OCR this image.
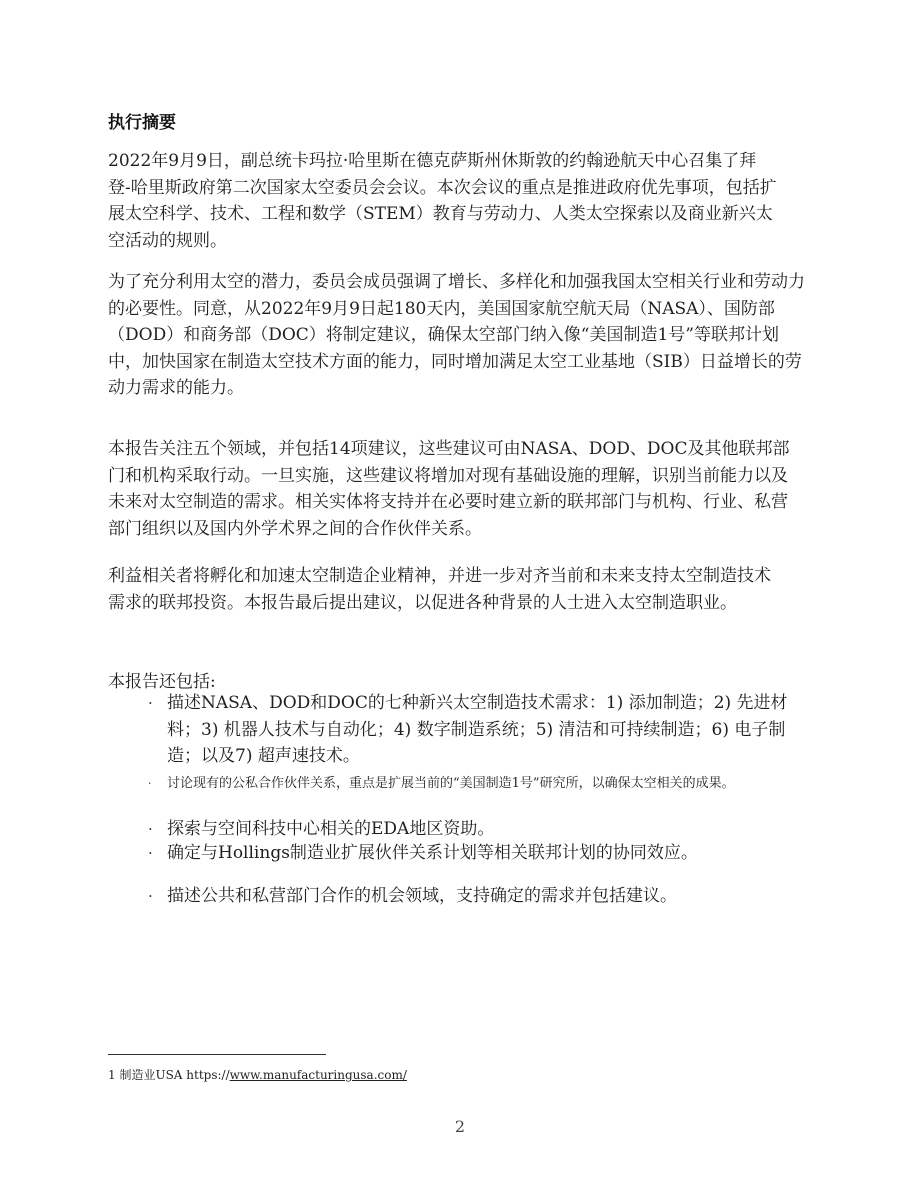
执行摘要

2022年9月9日，副总统卡玛拉·哈里斯在德克萨斯州休斯敦的约翰逊航天中心召集了拜登-哈里斯政府第二次国家太空委员会会议。本次会议的重点是推进政府优先事项，包括扩展太空科学、技术、工程和数学（STEM）教育与劳动力、人类太空探索以及商业新兴太空活动的规则。

为了充分利用太空的潜力，委员会成员强调了增长、多样化和加强我国太空相关行业和劳动力的必要性。同意，从2022年9月9日起180天内，美国国家航空航天局（NASA）、国防部（DOD）和商务部（DOC）将制定建议，确保太空部门纳入像“美国制造1号”等联邦计划中，加快国家在制造太空技术方面的能力，同时增加满足太空工业基地（SIB）日益增长的劳动力需求的能力。

本报告关注五个领域，并包括14项建议，这些建议可由NASA、DOD、DOC及其他联邦部门和机构采取行动。一旦实施，这些建议将增加对现有基础设施的理解，识别当前能力以及未来对太空制造的需求。相关实体将支持并在必要时建立新的联邦部门与机构、行业、私营部门组织以及国内外学术界之间的合作伙伴关系。

利益相关者将孵化和加速太空制造企业精神，并进一步对齐当前和未来支持太空制造技术需求的联邦投资。本报告最后提出建议，以促进各种背景的人士进入太空制造职业。

本报告还包括:
· 描述NASA、DOD和DOC的七种新兴太空制造技术需求：1) 添加制造；2) 先进材料；3) 机器人技术与自动化；4) 数字制造系统；5) 清洁和可持续制造；6) 电子制造；以及7) 超声速技术。
· 讨论现有的公私合作伙伴关系，重点是扩展当前的“美国制造1号”研究所，以确保太空相关的成果。
· 探索与空间科技中心相关的EDA地区资助。
· 确定与Hollings制造业扩展伙伴关系计划等相关联邦计划的协同效应。
· 描述公共和私营部门合作的机会领域，支持确定的需求并包括建议。
1 制造业USA https://www.manufacturingusa.com/
2
